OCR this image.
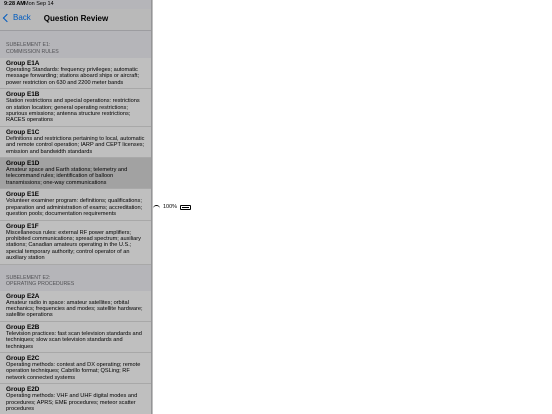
9:28 AM Mon Sep 14
100%
Back	Question Review
SUBELEMENT E1:
COMMISSION RULES
Group E1A
Operating Standards: frequency privileges; automatic message forwarding; stations aboard ships or aircraft; power restriction on 630 and 2200 meter bands
Group E1B
Station restrictions and special operations: restrictions on station location; general operating restrictions; spurious emissions; antenna structure restrictions; RACES operations
Group E1C
Definitions and restrictions pertaining to local, automatic and remote control operation; IARP and CEPT licenses; emission and bandwidth standards
Group E1D
Amateur space and Earth stations; telemetry and telecommand rules; identification of balloon transmissions; one-way communications
Group E1E
Volunteer examiner program: definitions; qualifications; preparation and administration of exams; accreditation; question pools; documentation requirements
Group E1F
Miscellaneous rules: external RF power amplifiers; prohibited communications; spread spectrum; auxiliary stations; Canadian amateurs operating in the U.S.; special temporary authority; control operator of an auxiliary station
SUBELEMENT E2:
OPERATING PROCEDURES
Group E2A
Amateur radio in space: amateur satellites; orbital mechanics; frequencies and modes; satellite hardware; satellite operations
Group E2B
Television practices: fast scan television standards and techniques; slow scan television standards and techniques
Group E2C
Operating methods: contest and DX operating; remote operation techniques; Cabrillo format; QSLing; RF network connected systems
Group E2D
Operating methods: VHF and UHF digital modes and procedures; APRS; EME procedures; meteor scatter procedures
